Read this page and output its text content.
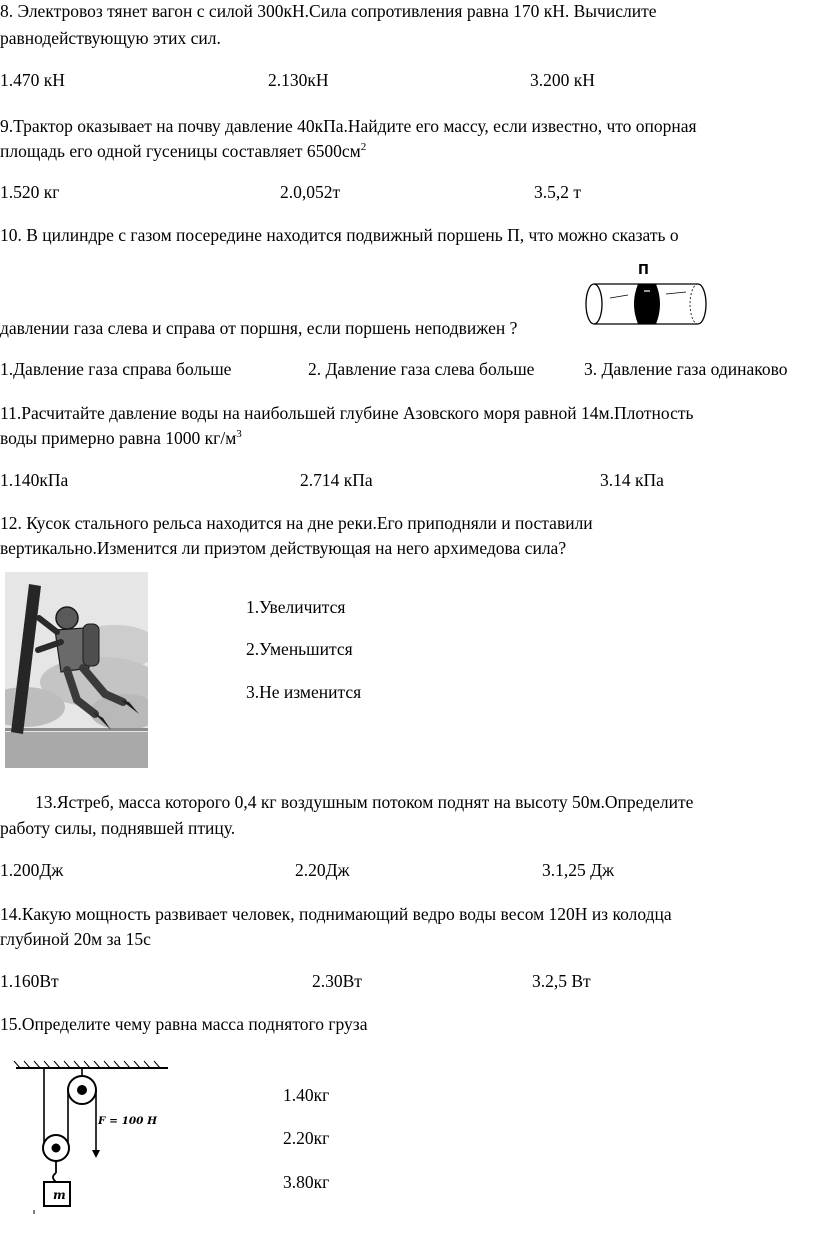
8. Электровоз тянет вагон с силой 300кН.Сила сопротивления равна 170 кН. Вычислите

равнодействующую этих сил.

1.470 кН	2.130кН	3.200 кН

9.Трактор оказывает на почву давление 40кПа.Найдите его массу, если известно, что опорная

площадь его одной гусеницы составляет $6500см^2$

1.520 кг	2.0,052т	3.5,2 т

10. В цилиндре с газом посередине находится подвижный поршень П, что можно сказать о

П

давлении газа слева и справа от поршня, если поршень неподвижен ?

1.Давление газа справа больше	2. Давление газа слева больше	3. Давление газа одинаково

11.Расчитайте давление воды на наибольшей глубине Азовского моря равной 14м.Плотность

воды примерно равна 1000 $кг/м^3$

1.140кПа	2.714 кПа	3.14 кПа

12. Кусок стального рельса находится на дне реки.Его приподняли и поставили

вертикально.Изменится ли приэтом действующая на него архимедова сила?

1.Увеличится

2.Уменьшится

3.Не изменится

13.Ястреб, масса которого 0,4 кг воздушным потоком поднят на высоту 50м.Определите

работу силы, поднявшей птицу.

1.200Дж	2.20Дж	3.1,25 Дж

14.Какую мощность развивает человек, поднимающий ведро воды весом 120Н из колодца

глубиной 20м за 15с

1.160Вт	2.30Вт	3.2,5 Вт

15.Определите чему равна масса поднятого груза

m
F = 100 Н

1.40кг

2.20кг

3.80кг
